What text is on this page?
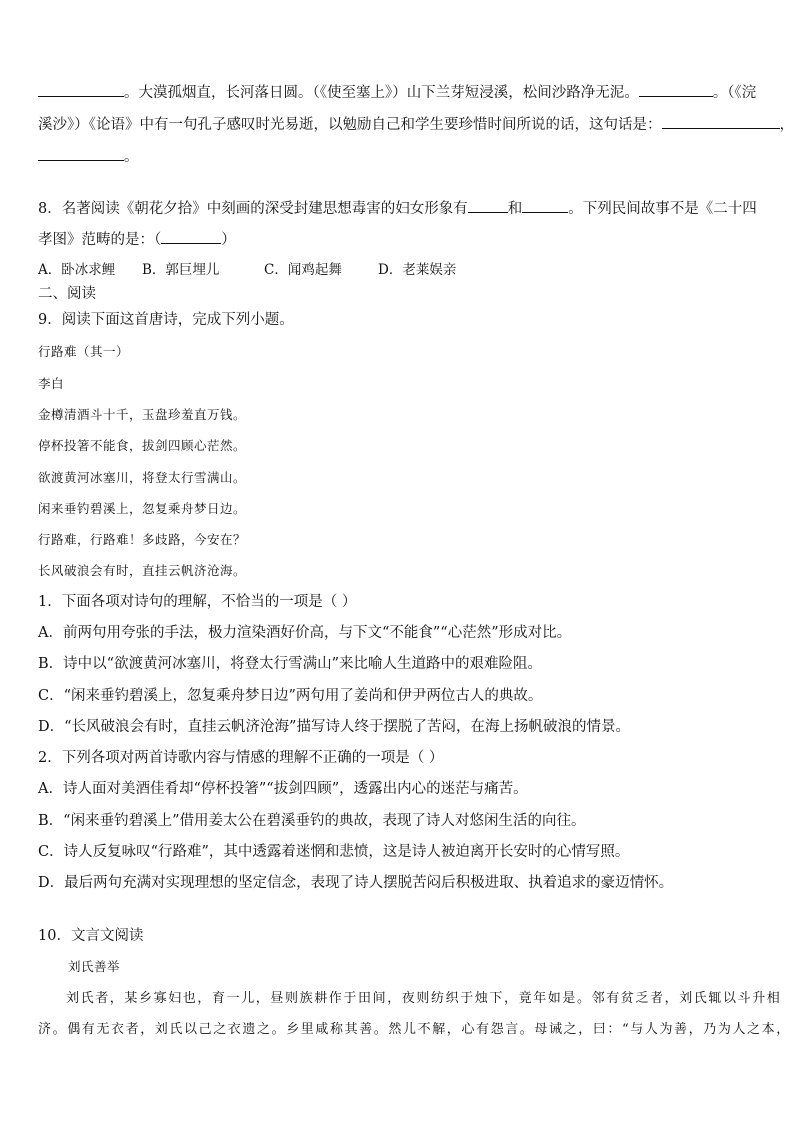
。大漠孤烟直，长河落日圆。（《使至塞上》）山下兰芽短浸溪，松间沙路净无泥。	。（《浣
溪沙》）《论语》中有一句孔子感叹时光易逝，以勉励自己和学生要珍惜时间所说的话，这句话是：	，
。
8．名著阅读《朝花夕拾》中刻画的深受封建思想毒害的妇女形象有	和	。下列民间故事不是《二十四
孝图》范畴的是：（	）
A．卧冰求鲤 B．郭巨埋儿	C．闻鸡起舞	D．老莱娱亲
二、阅读
9．阅读下面这首唐诗，完成下列小题。
行路难（其一）
李白
金樽清酒斗十千，玉盘珍羞直万钱。
停杯投箸不能食，拔剑四顾心茫然。
欲渡黄河冰塞川，将登太行雪满山。
闲来垂钓碧溪上，忽复乘舟梦日边。
行路难，行路难！多歧路，今安在？
长风破浪会有时，直挂云帆济沧海。
1．下面各项对诗句的理解，不恰当的一项是（ ）
A．前两句用夸张的手法，极力渲染酒好价高，与下文“不能食”“心茫然”形成对比。
B．诗中以“欲渡黄河冰塞川，将登太行雪满山”来比喻人生道路中的艰难险阻。
C．“闲来垂钓碧溪上，忽复乘舟梦日边”两句用了姜尚和伊尹两位古人的典故。
D．“长风破浪会有时，直挂云帆济沧海”描写诗人终于摆脱了苦闷，在海上扬帆破浪的情景。
2．下列各项对两首诗歌内容与情感的理解不正确的一项是（ ）
A．诗人面对美酒佳肴却“停杯投箸”“拔剑四顾”，透露出内心的迷茫与痛苦。
B．“闲来垂钓碧溪上”借用姜太公在碧溪垂钓的典故，表现了诗人对悠闲生活的向往。
C．诗人反复咏叹“行路难”，其中透露着迷惘和悲愤，这是诗人被迫离开长安时的心情写照。
D．最后两句充满对实现理想的坚定信念，表现了诗人摆脱苦闷后积极进取、执着追求的豪迈情怀。
10．文言文阅读
刘氏善举
刘氏者，某乡寡妇也，育一儿，昼则族耕作于田间，夜则纺织于烛下，竟年如是。邻有贫乏者，刘氏辄以斗升相
济。偶有无衣者，刘氏以己之衣遗之。乡里咸称其善。然儿不解，心有怨言。母诫之，曰：“与人为善，乃为人之本，
